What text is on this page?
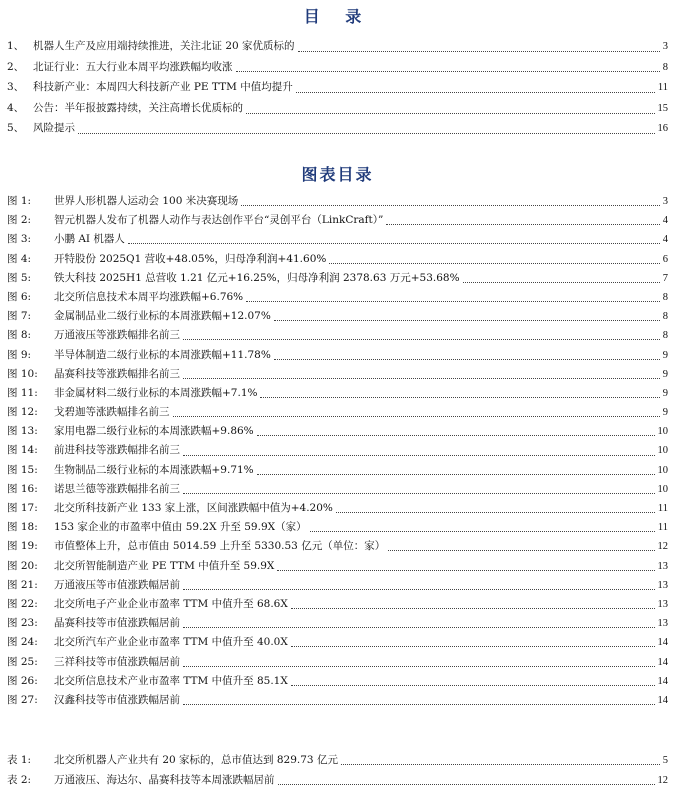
目 录
1、 机器人生产及应用端持续推进，关注北证 20 家优质标的	3
2、 北证行业：五大行业本周平均涨跌幅均收涨	8
3、 科技新产业：本周四大科技新产业 PE TTM 中值均提升	11
4、 公告：半年报披露持续，关注高增长优质标的	15
5、 风险提示	16
图表目录
图 1:	世界人形机器人运动会 100 米决赛现场	3
图 2:	智元机器人发布了机器人动作与表达创作平台“灵创平台（LinkCraft）”	4
图 3:	小鹏 AI 机器人	4
图 4:	开特股份 2025Q1 营收+48.05%，归母净利润+41.60%	6
图 5:	铁大科技 2025H1 总营收 1.21 亿元+16.25%，归母净利润 2378.63 万元+53.68%	7
图 6:	北交所信息技术本周平均涨跌幅+6.76%	8
图 7:	金属制品业二级行业标的本周涨跌幅+12.07%	8
图 8:	万通液压等涨跌幅排名前三	8
图 9:	半导体制造二级行业标的本周涨跌幅+11.78%	9
图 10:	晶赛科技等涨跌幅排名前三	9
图 11:	非金属材料二级行业标的本周涨跌幅+7.1%	9
图 12:	戈碧迦等涨跌幅排名前三	9
图 13:	家用电器二级行业标的本周涨跌幅+9.86%	10
图 14:	前进科技等涨跌幅排名前三	10
图 15:	生物制品二级行业标的本周涨跌幅+9.71%	10
图 16:	诺思兰德等涨跌幅排名前三	10
图 17:	北交所科技新产业 133 家上涨，区间涨跌幅中值为+4.20%	11
图 18:	153 家企业的市盈率中值由 59.2X 升至 59.9X（家）	11
图 19:	市值整体上升，总市值由 5014.59 上升至 5330.53 亿元（单位：家）	12
图 20:	北交所智能制造产业 PE TTM 中值升至 59.9X	13
图 21:	万通液压等市值涨跌幅居前	13
图 22:	北交所电子产业企业市盈率 TTM 中值升至 68.6X	13
图 23:	晶赛科技等市值涨跌幅居前	13
图 24:	北交所汽车产业企业市盈率 TTM 中值升至 40.0X	14
图 25:	三祥科技等市值涨跌幅居前	14
图 26:	北交所信息技术产业市盈率 TTM 中值升至 85.1X	14
图 27:	汉鑫科技等市值涨跌幅居前	14
表 1:	北交所机器人产业共有 20 家标的，总市值达到 829.73 亿元	5
表 2:	万通液压、海达尔、晶赛科技等本周涨跌幅居前	12
